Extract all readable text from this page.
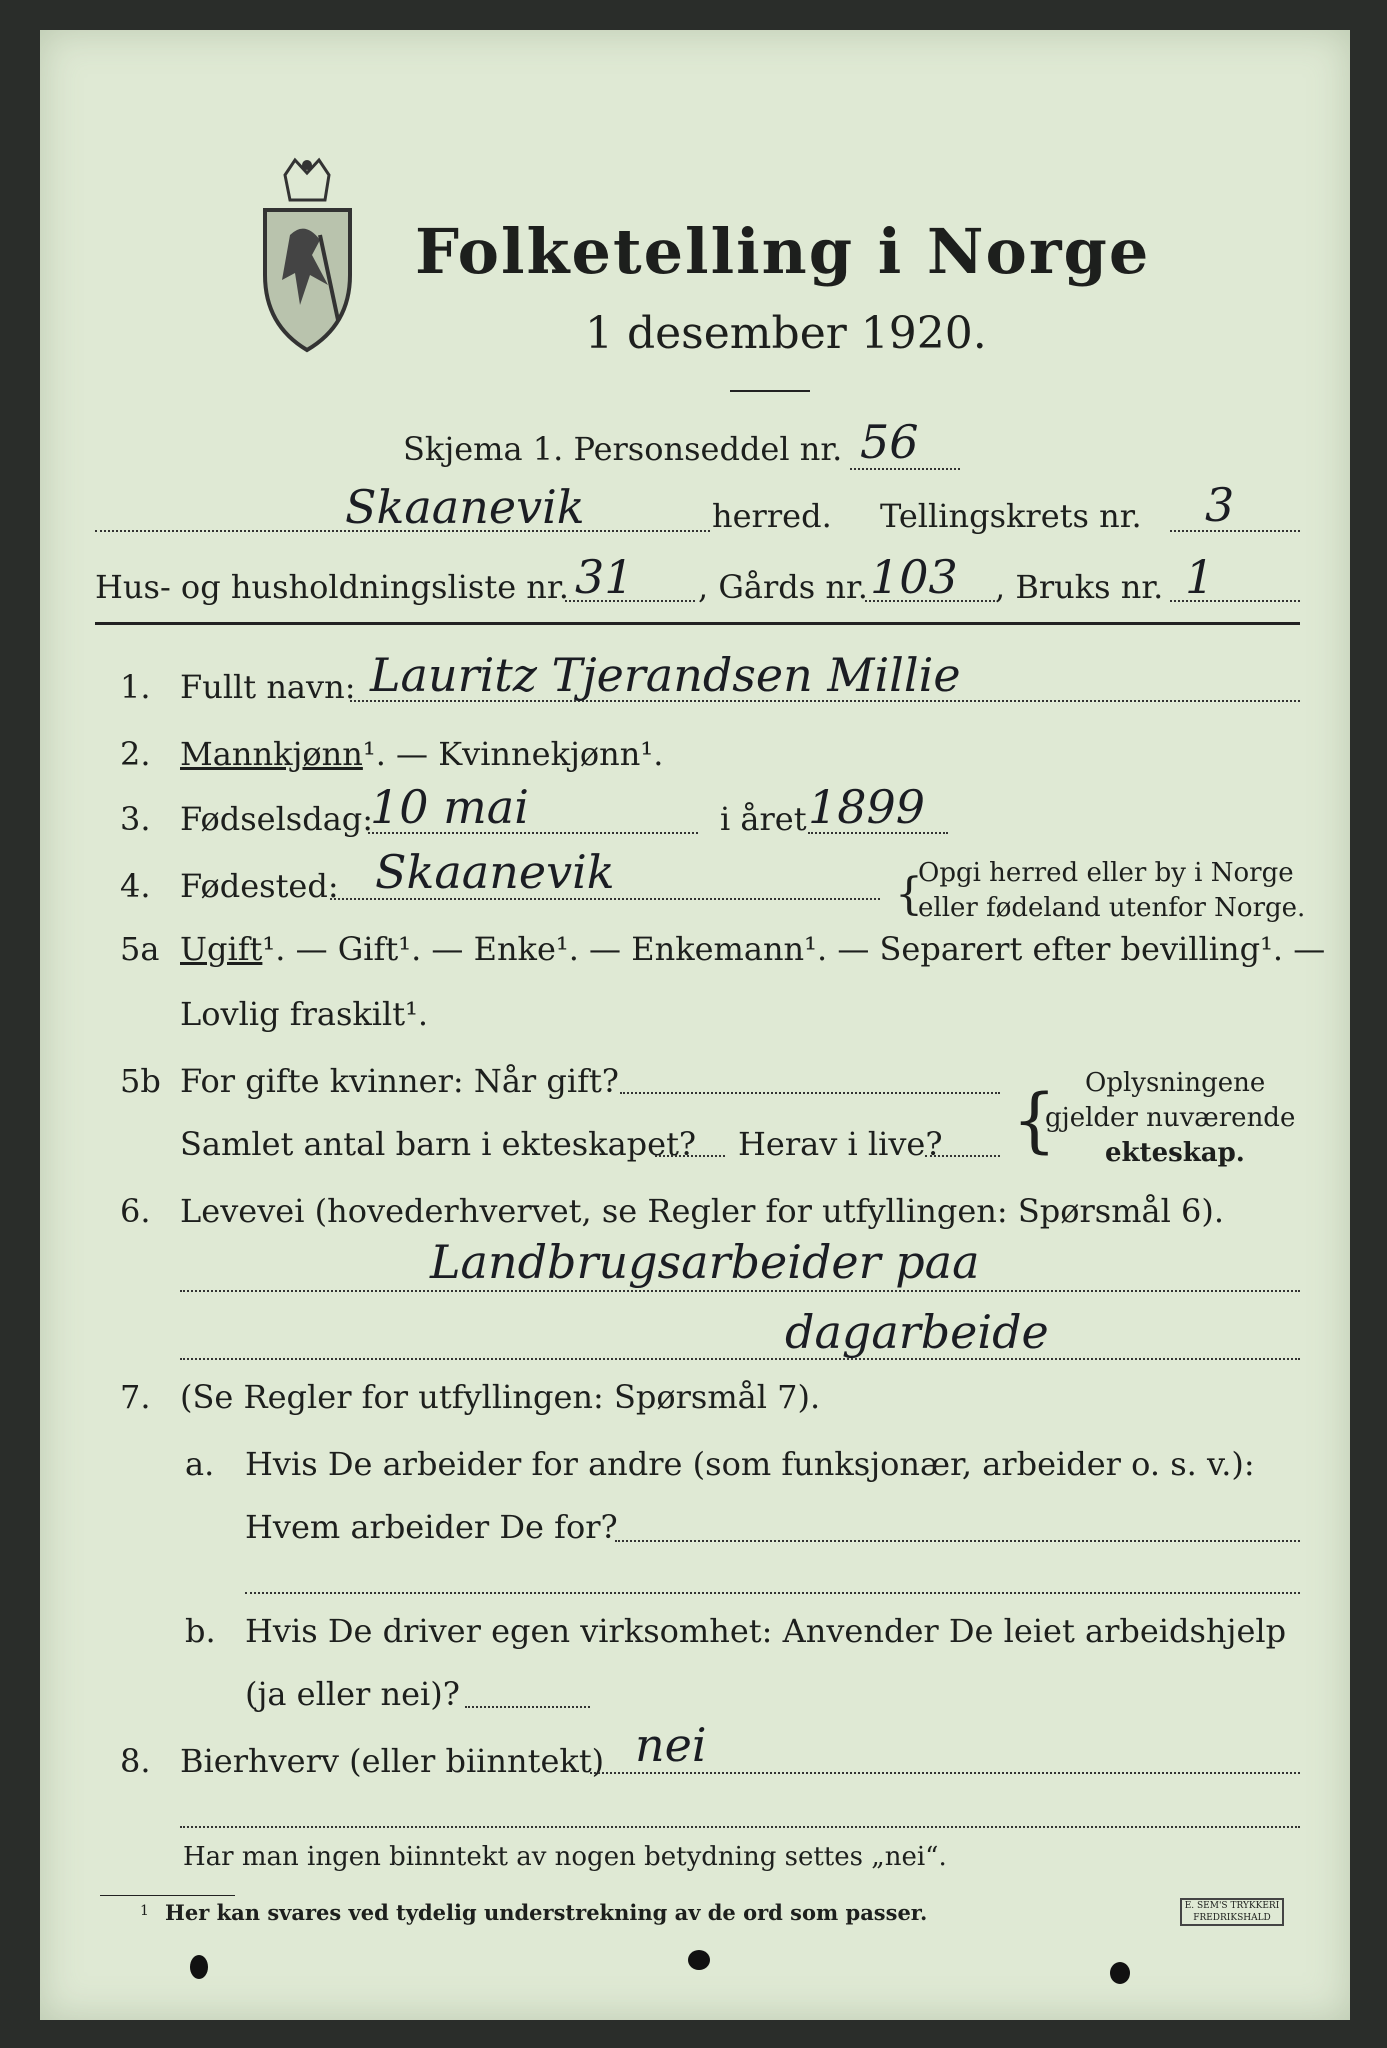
Folketelling i Norge
1 desember 1920.
Skjema 1. Personseddel nr. 56
Skaanevik	herred. Tellingskrets nr. 3
Hus- og husholdningsliste nr. 31 , Gårds nr. 103 , Bruks nr. 1
1. Fullt navn: Lauritz Tjerandsen Millie
2. Mannkjønn¹. — Kvinnekjønn¹.
3. Fødselsdag:
10 mai	i året 1899
4. Fødested: Skaanevik	{
Opgi herred eller by i Norge
eller fødeland utenfor Norge.
5a Ugift¹. — Gift¹. — Enke¹. — Enkemann¹. — Separert efter bevilling¹. —
Lovlig fraskilt¹.
5b For gifte kvinner: Når gift?
Samlet antal barn i ekteskapet? Herav i live? { Oplysningene
gjelder nuværende
ekteskap.
6. Levevei (hovederhvervet, se Regler for utfyllingen: Spørsmål 6).
Landbrugsarbeider paa
dagarbeide
7. (Se Regler for utfyllingen: Spørsmål 7).
a. Hvis De arbeider for andre (som funksjonær, arbeider o. s. v.):
Hvem arbeider De for?
b. Hvis De driver egen virksomhet: Anvender De leiet arbeidshjelp
(ja eller nei)?
8. Bierhverv (eller biinntekt) nei
Har man ingen biinntekt av nogen betydning settes „nei“.
1 Her kan svares ved tydelig understrekning av de ord som passer.	E. SEM'S TRYKKERI FREDRIKSHALD
